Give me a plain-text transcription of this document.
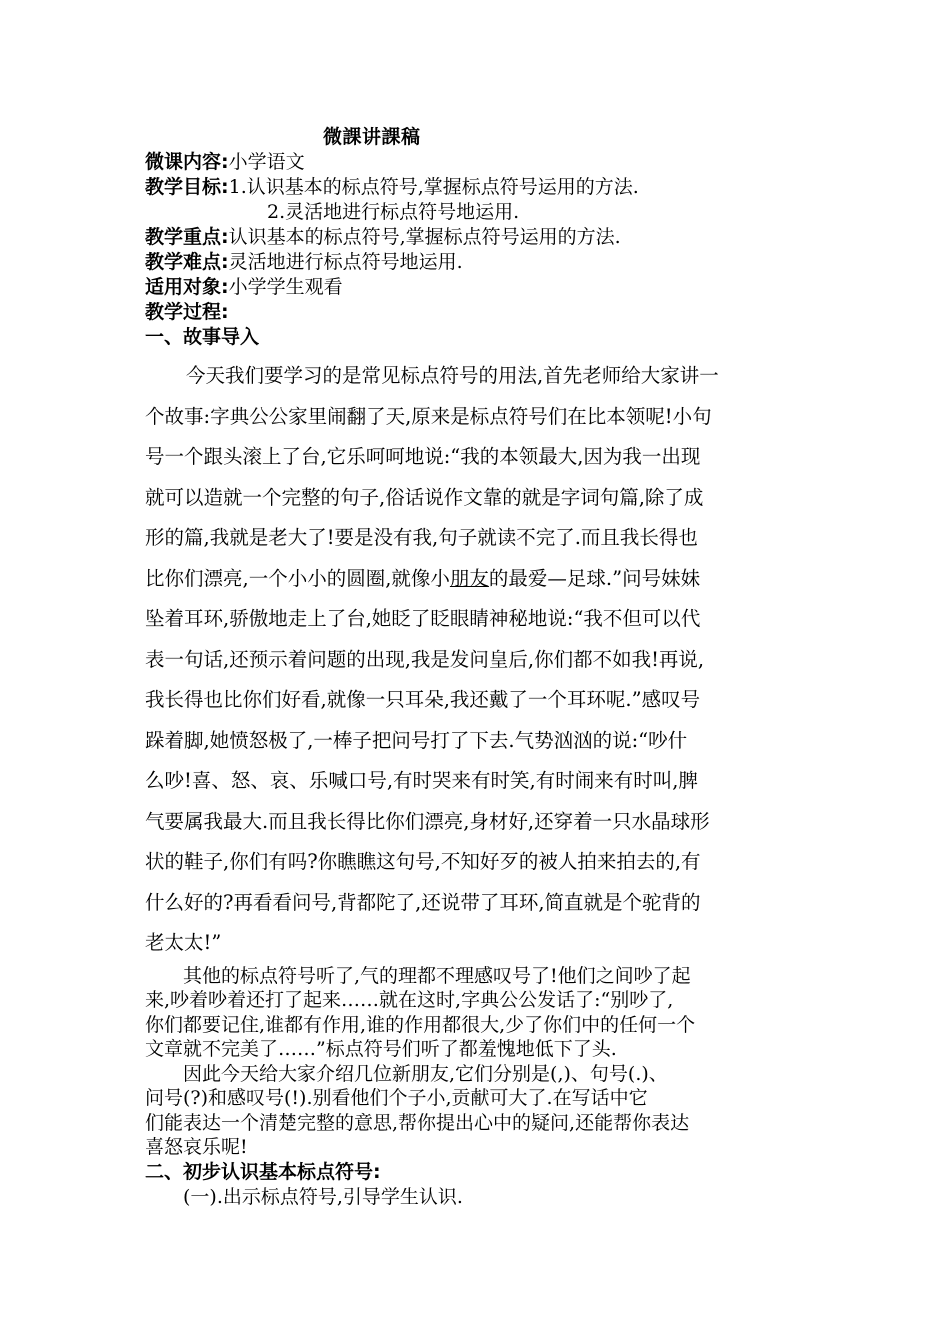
微課讲課稿
微课内容:小学语文
教学目标:1.认识基本的标点符号,掌握标点符号运用的方法.
2.灵活地进行标点符号地运用.
教学重点:认识基本的标点符号,掌握标点符号运用的方法.
教学难点:灵活地进行标点符号地运用.
适用对象:小学学生观看
教学过程:
一、故事导入
今天我们要学习的是常见标点符号的用法,首先老师给大家讲一
个故事:字典公公家里闹翻了天,原来是标点符号们在比本领呢!小句
号一个跟头滚上了台,它乐呵呵地说:“我的本领最大,因为我一出现
就可以造就一个完整的句子,俗话说作文靠的就是字词句篇,除了成
形的篇,我就是老大了!要是没有我,句子就读不完了.而且我长得也
比你们漂亮,一个小小的圆圈,就像小朋友的最爱—足球.”问号妹妹
坠着耳环,骄傲地走上了台,她眨了眨眼睛神秘地说:“我不但可以代
表一句话,还预示着问题的出现,我是发问皇后,你们都不如我!再说,
我长得也比你们好看,就像一只耳朵,我还戴了一个耳环呢.”感叹号
跺着脚,她愤怒极了,一棒子把问号打了下去.气势汹汹的说:“吵什
么吵!喜、怒、哀、乐喊口号,有时哭来有时笑,有时闹来有时叫,脾
气要属我最大.而且我长得比你们漂亮,身材好,还穿着一只水晶球形
状的鞋子,你们有吗?你瞧瞧这句号,不知好歹的被人拍来拍去的,有
什么好的?再看看问号,背都陀了,还说带了耳环,简直就是个驼背的
老太太!”
其他的标点符号听了,气的理都不理感叹号了!他们之间吵了起
来,吵着吵着还打了起来……就在这时,字典公公发话了:“别吵了,
你们都要记住,谁都有作用,谁的作用都很大,少了你们中的任何一个
文章就不完美了……”标点符号们听了都羞愧地低下了头.
因此今天给大家介绍几位新朋友,它们分别是(,)、句号(.)、
问号(?)和感叹号(!).别看他们个子小,贡献可大了.在写话中它
们能表达一个清楚完整的意思,帮你提出心中的疑问,还能帮你表达
喜怒哀乐呢!
二、初步认识基本标点符号:
(一).出示标点符号,引导学生认识.
